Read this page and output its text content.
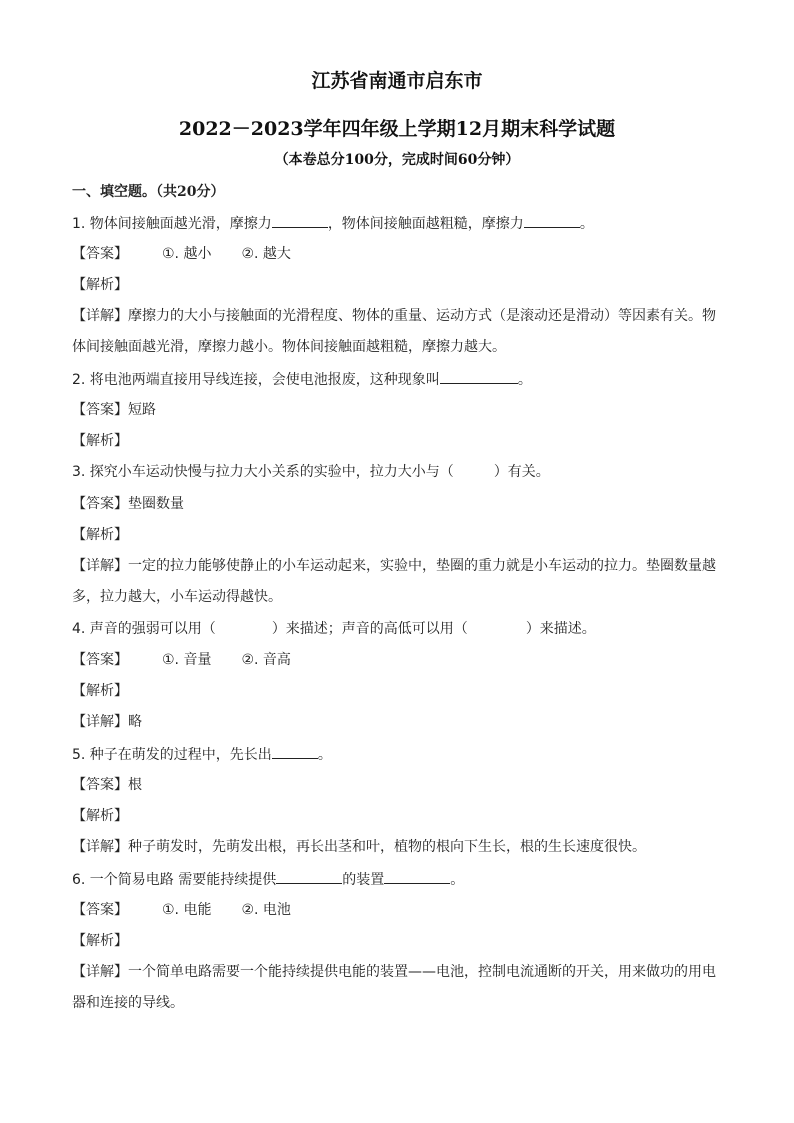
江苏省南通市启东市
2022－2023学年四年级上学期12月期末科学试题
（本卷总分100分，完成时间60分钟）
一、填空题。（共20分）
1. 物体间接触面越光滑，摩擦力	，物体间接触面越粗糙，摩擦力	。
【答案】 ①. 越小 ②. 越大
【解析】
【详解】摩擦力的大小与接触面的光滑程度、物体的重量、运动方式（是滚动还是滑动）等因素有关。物
体间接触面越光滑，摩擦力越小。物体间接触面越粗糙，摩擦力越大。
2. 将电池两端直接用导线连接，会使电池报废，这种现象叫	。
【答案】短路
【解析】
3. 探究小车运动快慢与拉力大小关系的实验中，拉力大小与（	）有关。
【答案】垫圈数量
【解析】
【详解】一定的拉力能够使静止的小车运动起来，实验中，垫圈的重力就是小车运动的拉力。垫圈数量越
多，拉力越大，小车运动得越快。
4. 声音的强弱可以用（	）来描述；声音的高低可以用（	）来描述。
【答案】 ①. 音量 ②. 音高
【解析】
【详解】略
5. 种子在萌发的过程中，先长出	。
【答案】根
【解析】
【详解】种子萌发时，先萌发出根，再长出茎和叶，植物的根向下生长，根的生长速度很快。
6. 一个简易电路 需要能持续提供	的装置	。
【答案】 ①. 电能 ②. 电池
【解析】
【详解】一个简单电路需要一个能持续提供电能的装置——电池，控制电流通断的开关，用来做功的用电
器和连接的导线。
